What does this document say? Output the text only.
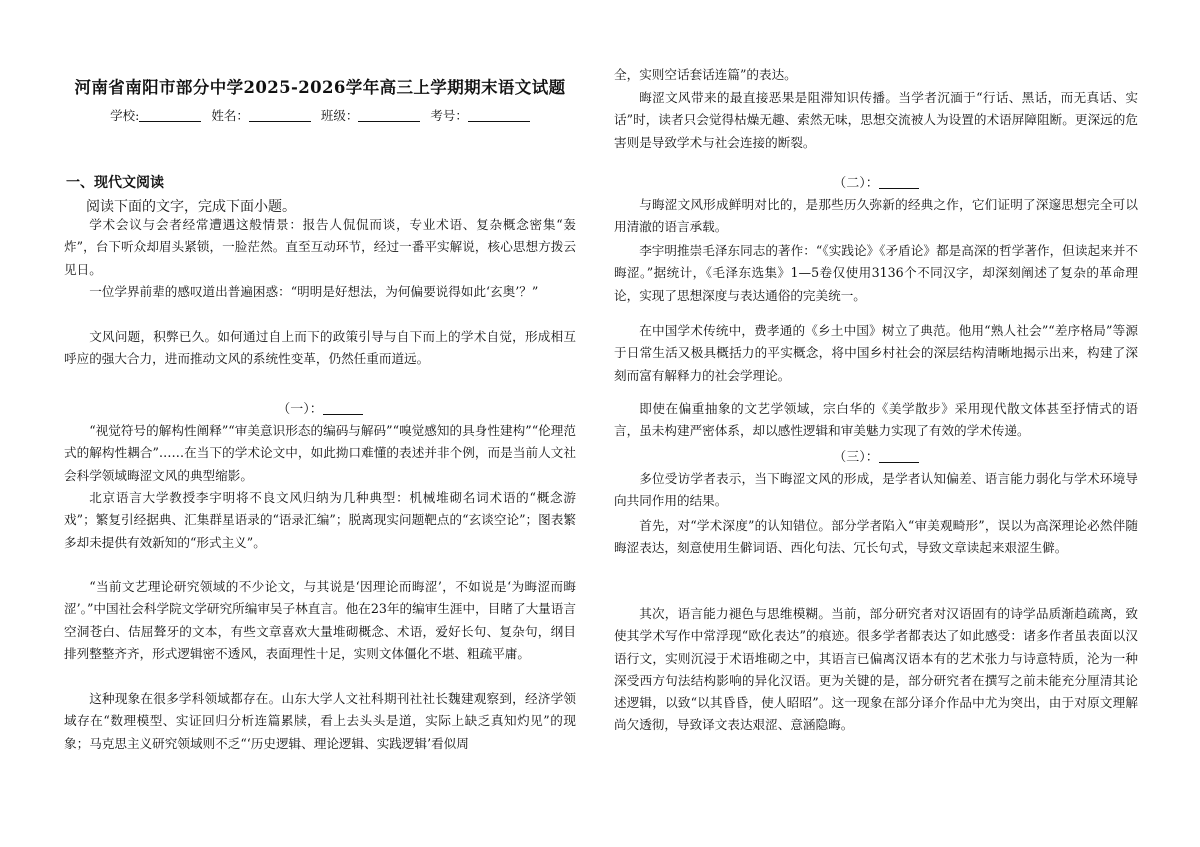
河南省南阳市部分中学2025-2026学年高三上学期期末语文试题
学校:	姓名：	班级：	考号：
一、现代文阅读
阅读下面的文字，完成下面小题。

学术会议与会者经常遭遇这般情景：报告人侃侃而谈，专业术语、复杂概念密集“轰炸”，台下听众却眉头紧锁，一脸茫然。直至互动环节，经过一番平实解说，核心思想方拨云见日。

一位学界前辈的感叹道出普遍困惑：“明明是好想法，为何偏要说得如此‘玄奥’？”

文风问题，积弊已久。如何通过自上而下的政策引导与自下而上的学术自觉，形成相互呼应的强大合力，进而推动文风的系统性变革，仍然任重而道远。

（一）：

“视觉符号的解构性阐释”“审美意识形态的编码与解码”“嗅觉感知的具身性建构”“伦理范式的解构性耦合”……在当下的学术论文中，如此拗口难懂的表述并非个例，而是当前人文社会科学领域晦涩文风的典型缩影。

北京语言大学教授李宇明将不良文风归纳为几种典型：机械堆砌名词术语的“概念游戏”；繁复引经据典、汇集群星语录的“语录汇编”；脱离现实问题靶点的“玄谈空论”；图表繁多却未提供有效新知的“形式主义”。

“当前文艺理论研究领域的不少论文，与其说是‘因理论而晦涩’，不如说是‘为晦涩而晦涩’。”中国社会科学院文学研究所编审吴子林直言。他在23年的编审生涯中，目睹了大量语言空洞苍白、佶屈聱牙的文本，有些文章喜欢大量堆砌概念、术语，爱好长句、复杂句，纲目排列整整齐齐，形式逻辑密不透风，表面理性十足，实则文体僵化不堪、粗疏平庸。

这种现象在很多学科领域都存在。山东大学人文社科期刊社社长魏建观察到，经济学领域存在“数理模型、实证回归分析连篇累牍，看上去头头是道，实际上缺乏真知灼见”的现象；马克思主义研究领域则不乏“‘历史逻辑、理论逻辑、实践逻辑’看似周

全，实则空话套话连篇”的表达。

晦涩文风带来的最直接恶果是阻滞知识传播。当学者沉湎于“行话、黑话，而无真话、实话”时，读者只会觉得枯燥无趣、索然无味，思想交流被人为设置的术语屏障阻断。更深远的危害则是导致学术与社会连接的断裂。

（二）：

与晦涩文风形成鲜明对比的，是那些历久弥新的经典之作，它们证明了深邃思想完全可以用清澈的语言承载。

李宇明推崇毛泽东同志的著作：“《实践论》《矛盾论》都是高深的哲学著作，但读起来并不晦涩。”据统计，《毛泽东选集》1—5卷仅使用3136个不同汉字，却深刻阐述了复杂的革命理论，实现了思想深度与表达通俗的完美统一。

在中国学术传统中，费孝通的《乡土中国》树立了典范。他用“熟人社会”“差序格局”等源于日常生活又极具概括力的平实概念，将中国乡村社会的深层结构清晰地揭示出来，构建了深刻而富有解释力的社会学理论。

即使在偏重抽象的文艺学领域，宗白华的《美学散步》采用现代散文体甚至抒情式的语言，虽未构建严密体系，却以感性逻辑和审美魅力实现了有效的学术传递。

（三）：

多位受访学者表示，当下晦涩文风的形成，是学者认知偏差、语言能力弱化与学术环境导向共同作用的结果。

首先，对“学术深度”的认知错位。部分学者陷入“审美观畸形”，误以为高深理论必然伴随晦涩表达，刻意使用生僻词语、西化句法、冗长句式，导致文章读起来艰涩生僻。

其次，语言能力褪色与思维模糊。当前，部分研究者对汉语固有的诗学品质渐趋疏离，致使其学术写作中常浮现“欧化表达”的痕迹。很多学者都表达了如此感受：诸多作者虽表面以汉语行文，实则沉浸于术语堆砌之中，其语言已偏离汉语本有的艺术张力与诗意特质，沦为一种深受西方句法结构影响的异化汉语。更为关键的是，部分研究者在撰写之前未能充分厘清其论述逻辑，以致“以其昏昏，使人昭昭”。这一现象在部分译介作品中尤为突出，由于对原文理解尚欠透彻，导致译文表达艰涩、意涵隐晦。
